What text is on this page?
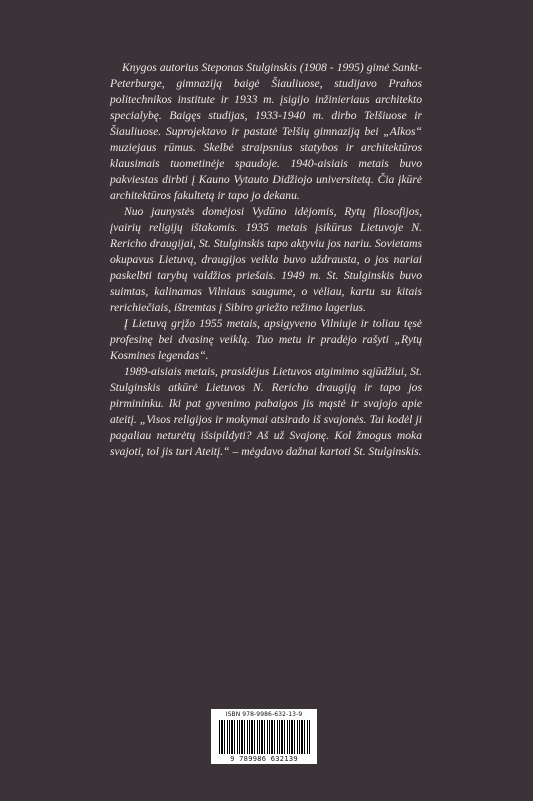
Knygos autorius Steponas Stulginskis (1908 - 1995) gimė Sankt-Peterburge, gimnaziją baigė Šiauliuose, studijavo Prahos politechnikos institute ir 1933 m. įsigijo inžinieriaus architekto specialybę. Baigęs studijas, 1933-1940 m. dirbo Telšiuose ir Šiauliuose. Suprojektavo ir pastatė Telšių gimnaziją bei „Alkos“ muziejaus rūmus. Skelbė straipsnius statybos ir architektūros klausimais tuometinėje spaudoje. 1940-aisiais metais buvo pakviestas dirbti į Kauno Vytauto Didžiojo universitetą. Čia įkūrė architektūros fakultetą ir tapo jo dekanu.

Nuo jaunystės domėjosi Vydūno idėjomis, Rytų filosofijos, įvairių religijų ištakomis. 1935 metais įsikūrus Lietuvoje N. Rericho draugijai, St. Stulginskis tapo aktyviu jos nariu. Sovietams okupavus Lietuvą, draugijos veikla buvo uždrausta, o jos nariai paskelbti tarybų valdžios priešais. 1949 m. St. Stulginskis buvo suimtas, kalinamas Vilniaus saugume, o vėliau, kartu su kitais rerichiečiais, ištremtas į Sibiro griežto režimo lagerius.

Į Lietuvą grįžo 1955 metais, apsigyveno Vilniuje ir toliau tęsė profesinę bei dvasinę veiklą. Tuo metu ir pradėjo rašyti „Rytų Kosmines legendas“.

1989-aisiais metais, prasidėjus Lietuvos atgimimo sąjūdžiui, St. Stulginskis atkūrė Lietuvos N. Rericho draugiją ir tapo jos pirmininku. Iki pat gyvenimo pabaigos jis mąstė ir svajojo apie ateitį. „Visos religijos ir mokymai atsirado iš svajonės. Tai kodėl ji pagaliau neturėtų išsipildyti? Aš už Svajonę. Kol žmogus moka svajoti, tol jis turi Ateitį.“ – mėgdavo dažnai kartoti St. Stulginskis.

ISBN 978-9986-632-13-9
9 789986 632139
